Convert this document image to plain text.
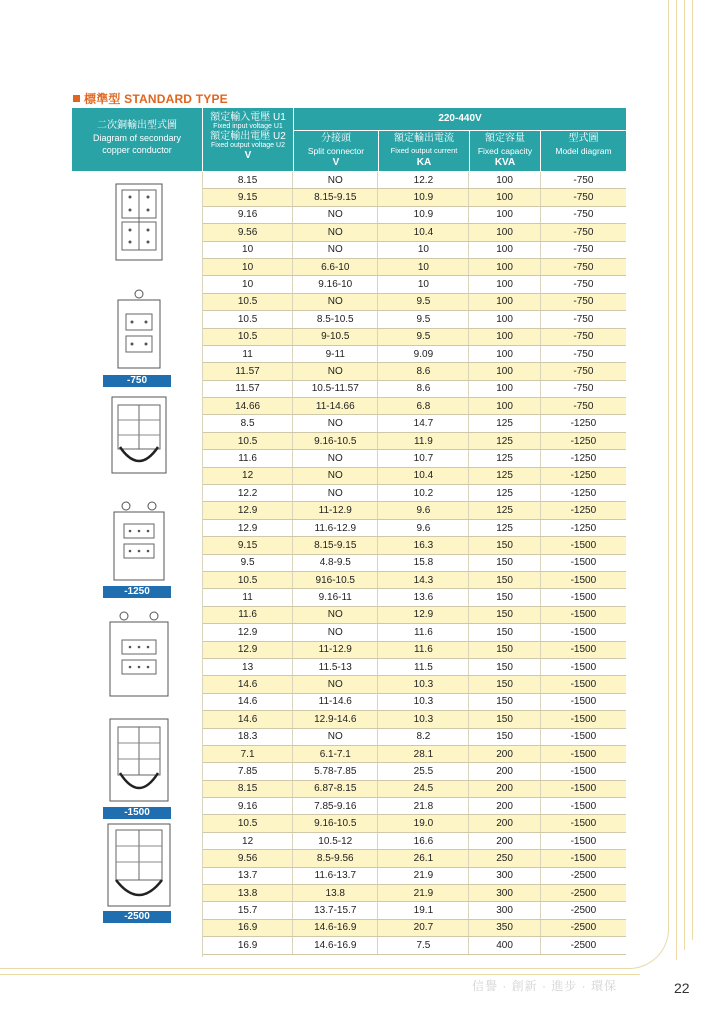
標準型 STANDARD TYPE
二次銅輸出型式圖
Diagram of secondary
copper conductor
額定輸入電壓 U1
Fixed input voltage U1
額定輸出電壓 U2
Fixed output voltage U2
V
220-440V
分接頭
Split connector
V
額定輸出電流
Fixed output current
KA
額定容量
Fixed capacity
KVA
型式圖
Model diagram
-750
-1250
-1500
-2500
8.15	NO	12.2	100	-750
9.15	8.15-9.15	10.9	100	-750
9.16	NO	10.9	100	-750
9.56	NO	10.4	100	-750
10	NO	10	100	-750
10	6.6-10	10	100	-750
10	9.16-10	10	100	-750
10.5	NO	9.5	100	-750
10.5	8.5-10.5	9.5	100	-750
10.5	9-10.5	9.5	100	-750
11	9-11	9.09	100	-750
11.57	NO	8.6	100	-750
11.57	10.5-11.57	8.6	100	-750
14.66	11-14.66	6.8	100	-750
8.5	NO	14.7	125	-1250
10.5	9.16-10.5	11.9	125	-1250
11.6	NO	10.7	125	-1250
12	NO	10.4	125	-1250
12.2	NO	10.2	125	-1250
12.9	11-12.9	9.6	125	-1250
12.9	11.6-12.9	9.6	125	-1250
9.15	8.15-9.15	16.3	150	-1500
9.5	4.8-9.5	15.8	150	-1500
10.5	916-10.5	14.3	150	-1500
11	9.16-11	13.6	150	-1500
11.6	NO	12.9	150	-1500
12.9	NO	11.6	150	-1500
12.9	11-12.9	11.6	150	-1500
13	11.5-13	11.5	150	-1500
14.6	NO	10.3	150	-1500
14.6	11-14.6	10.3	150	-1500
14.6	12.9-14.6	10.3	150	-1500
18.3	NO	8.2	150	-1500
7.1	6.1-7.1	28.1	200	-1500
7.85	5.78-7.85	25.5	200	-1500
8.15	6.87-8.15	24.5	200	-1500
9.16	7.85-9.16	21.8	200	-1500
10.5	9.16-10.5	19.0	200	-1500
12	10.5-12	16.6	200	-1500
9.56	8.5-9.56	26.1	250	-1500
13.7	11.6-13.7	21.9	300	-2500
13.8	13.8	21.9	300	-2500
15.7	13.7-15.7	19.1	300	-2500
16.9	14.6-16.9	20.7	350	-2500
16.9	14.6-16.9	7.5	400	-2500
信譽 · 創新 · 進步 · 環保	22
